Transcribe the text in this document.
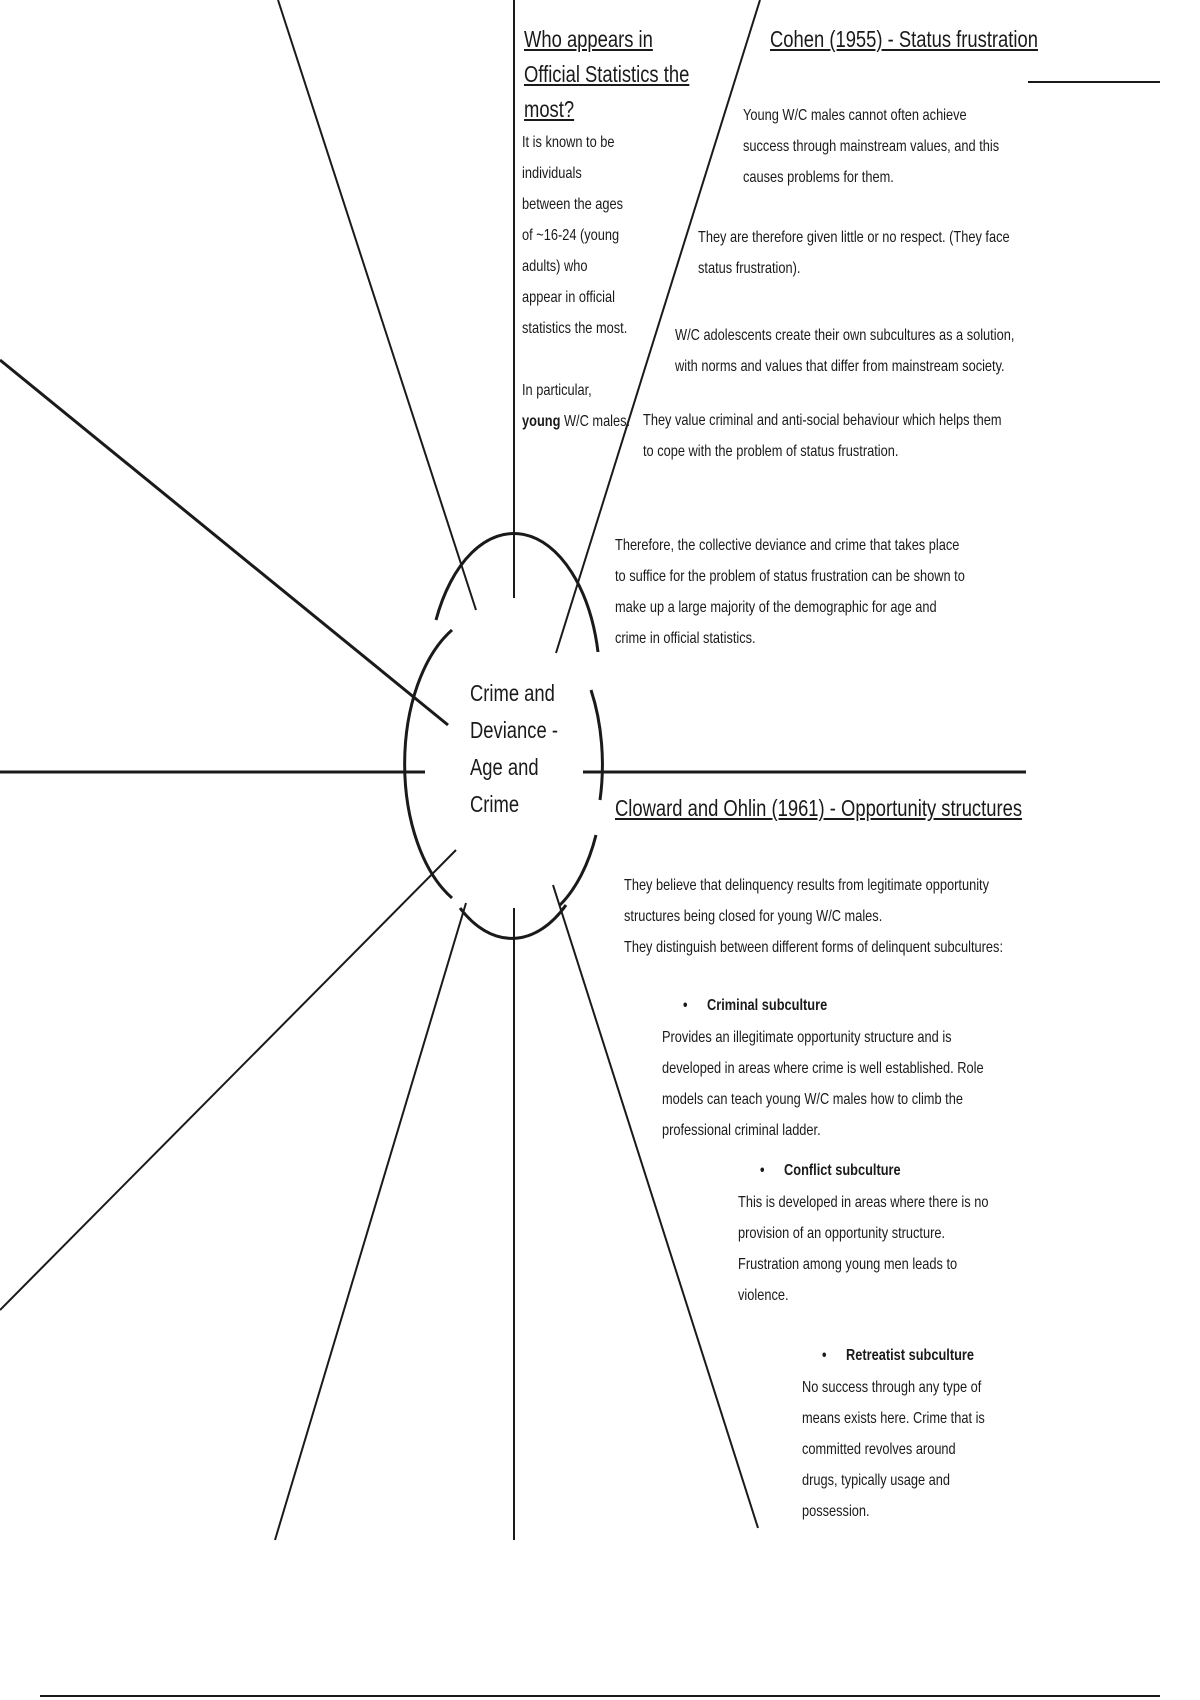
Crime and Deviance - Age and Crime
Who appears in Official Statistics the most?
It is known to be individuals between the ages of ~16-24 (young adults) who appear in official statistics the most.
In particular,
young W/C males.
Cohen (1955) - Status frustration
Young W/C males cannot often achieve success through mainstream values, and this causes problems for them.
They are therefore given little or no respect. (They face status frustration).
W/C adolescents create their own subcultures as a solution, with norms and values that differ from mainstream society.
They value criminal and anti-social behaviour which helps them to cope with the problem of status frustration.
Therefore, the collective deviance and crime that takes place to suffice for the problem of status frustration can be shown to make up a large majority of the demographic for age and crime in official statistics.
Cloward and Ohlin (1961) - Opportunity structures
They believe that delinquency results from legitimate opportunity structures being closed for young W/C males.
They distinguish between different forms of delinquent subcultures:
• Criminal subculture
Provides an illegitimate opportunity structure and is developed in areas where crime is well established. Role models can teach young W/C males how to climb the professional criminal ladder.
• Conflict subculture
This is developed in areas where there is no provision of an opportunity structure. Frustration among young men leads to violence.
• Retreatist subculture
No success through any type of means exists here. Crime that is committed revolves around drugs, typically usage and possession.
